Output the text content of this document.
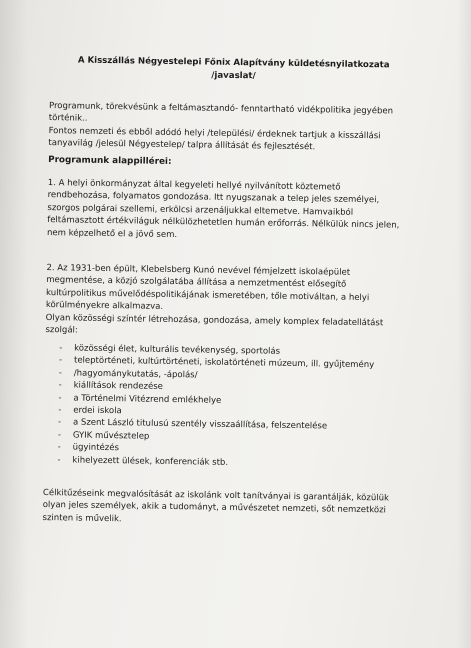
A Kisszállás Négyestelepi Főnix Alapítvány küldetésnyilatkozata
/javaslat/
Programunk, törekvésünk a feltámasztandó- fenntartható vidékpolitika jegyében
történik..
Fontos nemzeti és ebből adódó helyi /települési/ érdeknek tartjuk a kisszállási
tanyavilág /jelesül Négyestelep/ talpra állítását és fejlesztését.
Programunk alappillérei:
1. A helyi önkormányzat által kegyeleti hellyé nyilvánított köztemető
rendbehozása, folyamatos gondozása. Itt nyugszanak a telep jeles személyei,
szorgos polgárai szellemi, erkölcsi arzenáljukkal eltemetve. Hamvaikból
feltámasztott értékviláguk nélkülözhetetlen humán erőforrás. Nélkülük nincs jelen,
nem képzelhető el a jövő sem.
2. Az 1931-ben épült, Klebelsberg Kunó nevével fémjelzett iskolaépület
megmentése, a közjó szolgálatába állítása a nemzetmentést elősegítő
kultúrpolitikus művelődéspolitikájának ismeretében, tőle motiváltan, a helyi
körülményekre alkalmazva.
Olyan közösségi színtér létrehozása, gondozása, amely komplex feladatellátást
szolgál:
- közösségi élet, kulturális tevékenység, sportolás
- teleptörténeti, kultúrtörténeti, iskolatörténeti múzeum, ill. gyűjtemény
- /hagyománykutatás, -ápolás/
- kiállítások rendezése
- a Történelmi Vitézrend emlékhelye
- erdei iskola
- a Szent László titulusú szentély visszaállítása, felszentelése
- GYIK művésztelep
- ügyintézés
- kihelyezett ülések, konferenciák stb.
Célkitűzéseink megvalósítását az iskolánk volt tanítványai is garantálják, közülük
olyan jeles személyek, akik a tudományt, a művészetet nemzeti, sőt nemzetközi
szinten is művelik.
